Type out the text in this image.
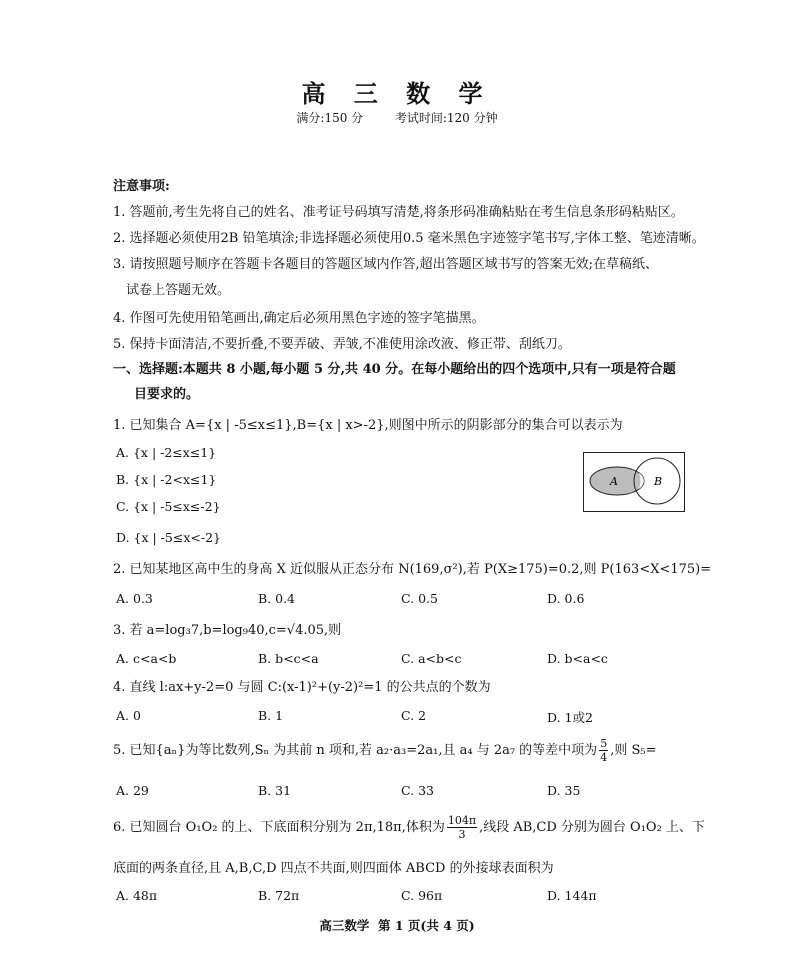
高 三 数 学
满分:150 分	考试时间:120 分钟
注意事项:
1. 答题前,考生先将自己的姓名、准考证号码填写清楚,将条形码准确粘贴在考生信息条形码粘贴区。
2. 选择题必须使用2B 铅笔填涂;非选择题必须使用0.5 毫米黑色字迹签字笔书写,字体工整、笔迹清晰。
3. 请按照题号顺序在答题卡各题目的答题区域内作答,超出答题区域书写的答案无效;在草稿纸、
试卷上答题无效。
4. 作图可先使用铅笔画出,确定后必须用黑色字迹的签字笔描黑。
5. 保持卡面清洁,不要折叠,不要弄破、弄皱,不准使用涂改液、修正带、刮纸刀。
一、选择题:本题共 8 小题,每小题 5 分,共 40 分。在每小题给出的四个选项中,只有一项是符合题
目要求的。
1. 已知集合 A={x | -5≤x≤1},B={x | x>-2},则图中所示的阴影部分的集合可以表示为
A. {x | -2≤x≤1}
B. {x | -2<x≤1}
C. {x | -5≤x≤-2}
D. {x | -5≤x<-2}
A	B
2. 已知某地区高中生的身高 X 近似服从正态分布 N(169,σ²),若 P(X≥175)=0.2,则 P(163<X<175)=
A. 0.3	B. 0.4	C. 0.5	D. 0.6
3. 若 a=log₃7,b=log₉40,c=√4.05,则
A. c<a<b	B. b<c<a	C. a<b<c	D. b<a<c
4. 直线 l:ax+y-2=0 与圆 C:(x-1)²+(y-2)²=1 的公共点的个数为
A. 0	B. 1	C. 2	D. 1或2
5. 已知{aₙ}为等比数列,Sₙ 为其前 n 项和,若 a₂·a₃=2a₁,且 a₄ 与 2a₇ 的等差中项为 $\frac{5}{4}$ ,则 S₅=
A. 29	B. 31	C. 33	D. 35
6. 已知圆台 O₁O₂ 的上、下底面积分别为 2π,18π,体积为 $\frac{104\pi}{3}$ ,线段 AB,CD 分别为圆台 O₁O₂ 上、下
底面的两条直径,且 A,B,C,D 四点不共面,则四面体 ABCD 的外接球表面积为
A. 48π	B. 72π	C. 96π	D. 144π
高三数学  第 1 页(共 4 页)
